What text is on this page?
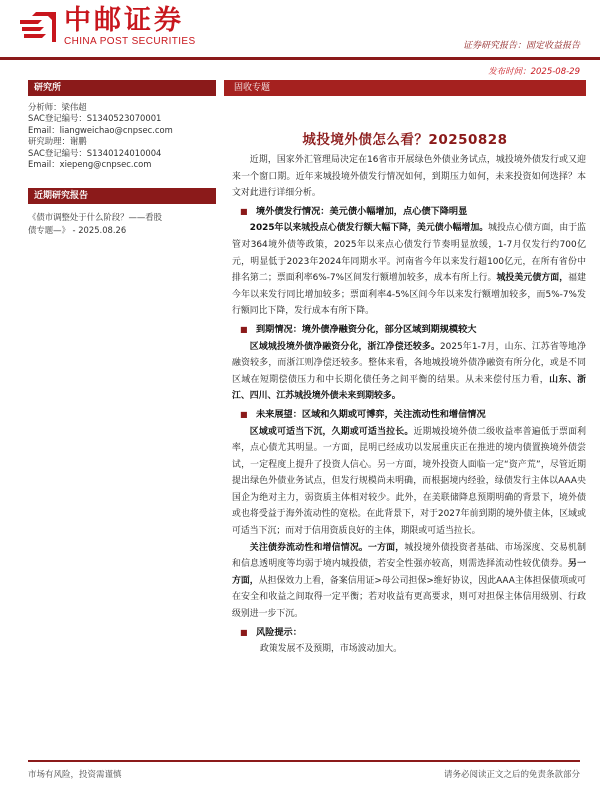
中邮证券
CHINA POST SECURITIES	证券研究报告：固定收益报告
发布时间：2025-08-29
研究所
分析师：梁伟超
SAC登记编号：S1340523070001
Email：liangweichao@cnpsec.com
研究助理：谢鹏
SAC登记编号：S1340124010004
Email：xiepeng@cnpsec.com
近期研究报告
《债市调整处于什么阶段？——看股
债专题—》 - 2025.08.26
固收专题
城投境外债怎么看？20250828

近期，国家外汇管理局决定在16省市开展绿色外债业务试点，城投境外债发行或又迎来一个窗口期。近年来城投境外债发行情况如何，到期压力如何，未来投资如何选择？本文对此进行详细分析。

■ 境外债发行情况：美元债小幅增加，点心债下降明显

2025年以来城投点心债发行额大幅下降，美元债小幅增加。城投点心债方面，由于监管对364境外债等政策，2025年以来点心债发行节奏明显放缓，1-7月仅发行约700亿元，明显低于2023年2024年同期水平。河南省今年以来发行超100亿元，在所有省份中排名第二；票面利率6%-7%区间发行额增加较多，成本有所上行。城投美元债方面，福建今年以来发行同比增加较多；票面利率4-5%区间今年以来发行额增加较多，而5%-7%发行额同比下降，发行成本有所下降。

■ 到期情况：境外债净融资分化，部分区域到期规模较大

区域城投境外债净融资分化，浙江净偿还较多。2025年1-7月，山东、江苏省等地净融资较多，而浙江则净偿还较多。整体来看，各地城投境外债净融资有所分化，或是不同区域在短期偿债压力和中长期化债任务之间平衡的结果。从未来偿付压力看，山东、浙江、四川、江苏城投境外债未来到期较多。

■ 未来展望：区域和久期或可博弈，关注流动性和增信情况

区域或可适当下沉，久期或可适当拉长。近期城投境外债二级收益率普遍低于票面利率，点心债尤其明显。一方面，昆明已经成功以发展重庆正在推进的境内债置换境外债尝试，一定程度上提升了投资人信心。另一方面，境外投资人面临一定“资产荒”，尽管近期提出绿色外债业务试点，但发行规模尚未明确，而根据境内经验，绿债发行主体以AAA央国企为绝对主力，弱资质主体相对较少。此外，在美联储降息预期明确的背景下，境外债或也将受益于海外流动性的宽松。在此背景下，对于2027年前到期的境外债主体，区域或可适当下沉；而对于信用资质良好的主体，期限或可适当拉长。

关注债券流动性和增信情况。一方面，城投境外债投资者基础、市场深度、交易机制和信息透明度等均弱于境内城投债，若安全性强亦较高，则需选择流动性较优债券。另一方面，从担保效力上看，备案信用证>母公司担保>维好协议，因此AAA主体担保债项或可在安全和收益之间取得一定平衡；若对收益有更高要求，则可对担保主体信用级别、行政级别进一步下沉。

■ 风险提示：

政策发展不及预期，市场波动加大。

市场有风险，投资需谨慎	请务必阅读正文之后的免责条款部分
